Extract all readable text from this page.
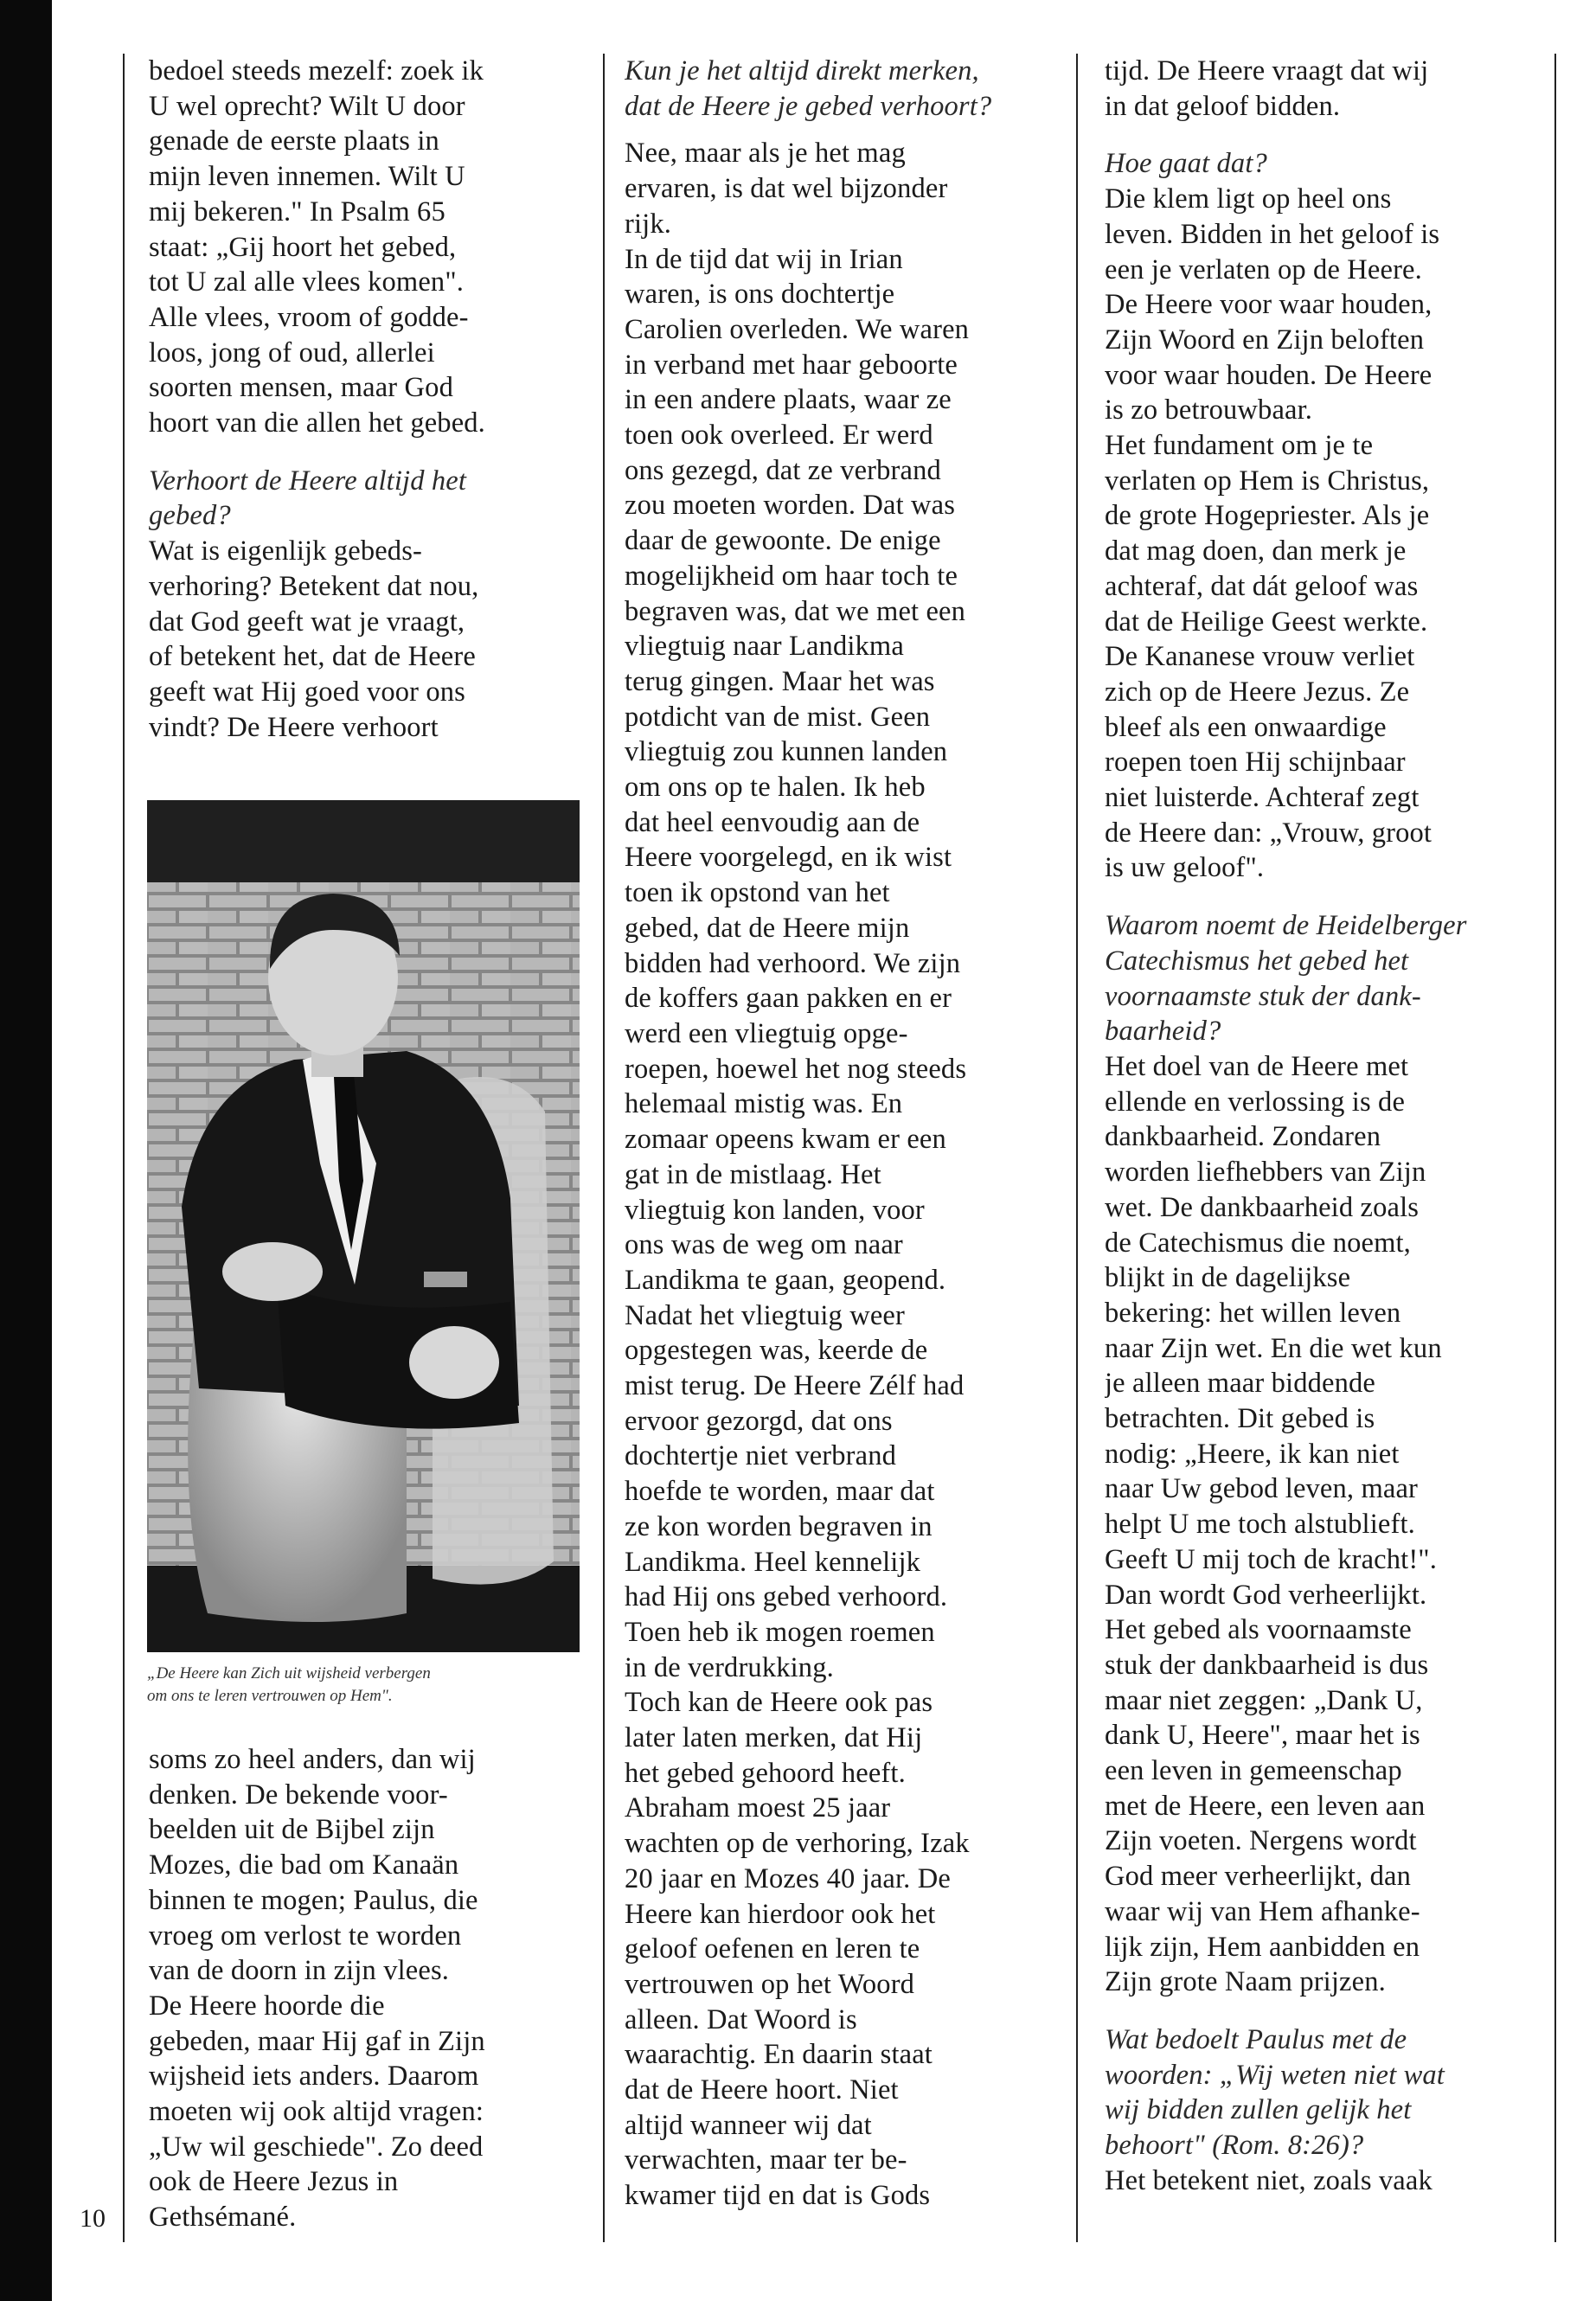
bedoel steeds mezelf: zoek ik
U wel oprecht? Wilt U door
genade de eerste plaats in
mijn leven innemen. Wilt U
mij bekeren." In Psalm 65
staat: „Gij hoort het gebed,
tot U zal alle vlees komen".
Alle vlees, vroom of godde-
loos, jong of oud, allerlei
soorten mensen, maar God
hoort van die allen het gebed.
Verhoort de Heere altijd het
gebed?
Wat is eigenlijk gebeds-
verhoring? Betekent dat nou,
dat God geeft wat je vraagt,
of betekent het, dat de Heere
geeft wat Hij goed voor ons
vindt? De Heere verhoort
„De Heere kan Zich uit wijsheid verbergen
om ons te leren vertrouwen op Hem".
soms zo heel anders, dan wij
denken. De bekende voor-
beelden uit de Bijbel zijn
Mozes, die bad om Kanaän
binnen te mogen; Paulus, die
vroeg om verlost te worden
van de doorn in zijn vlees.
De Heere hoorde die
gebeden, maar Hij gaf in Zijn
wijsheid iets anders. Daarom
moeten wij ook altijd vragen:
„Uw wil geschiede". Zo deed
ook de Heere Jezus in
Gethsémané.
Kun je het altijd direkt merken,
dat de Heere je gebed verhoort?
Nee, maar als je het mag
ervaren, is dat wel bijzonder
rijk.
In de tijd dat wij in Irian
waren, is ons dochtertje
Carolien overleden. We waren
in verband met haar geboorte
in een andere plaats, waar ze
toen ook overleed. Er werd
ons gezegd, dat ze verbrand
zou moeten worden. Dat was
daar de gewoonte. De enige
mogelijkheid om haar toch te
begraven was, dat we met een
vliegtuig naar Landikma
terug gingen. Maar het was
potdicht van de mist. Geen
vliegtuig zou kunnen landen
om ons op te halen. Ik heb
dat heel eenvoudig aan de
Heere voorgelegd, en ik wist
toen ik opstond van het
gebed, dat de Heere mijn
bidden had verhoord. We zijn
de koffers gaan pakken en er
werd een vliegtuig opge-
roepen, hoewel het nog steeds
helemaal mistig was. En
zomaar opeens kwam er een
gat in de mistlaag. Het
vliegtuig kon landen, voor
ons was de weg om naar
Landikma te gaan, geopend.
Nadat het vliegtuig weer
opgestegen was, keerde de
mist terug. De Heere Zélf had
ervoor gezorgd, dat ons
dochtertje niet verbrand
hoefde te worden, maar dat
ze kon worden begraven in
Landikma. Heel kennelijk
had Hij ons gebed verhoord.
Toen heb ik mogen roemen
in de verdrukking.
Toch kan de Heere ook pas
later laten merken, dat Hij
het gebed gehoord heeft.
Abraham moest 25 jaar
wachten op de verhoring, Izak
20 jaar en Mozes 40 jaar. De
Heere kan hierdoor ook het
geloof oefenen en leren te
vertrouwen op het Woord
alleen. Dat Woord is
waarachtig. En daarin staat
dat de Heere hoort. Niet
altijd wanneer wij dat
verwachten, maar ter be-
kwamer tijd en dat is Gods
tijd. De Heere vraagt dat wij
in dat geloof bidden.
Hoe gaat dat?
Die klem ligt op heel ons
leven. Bidden in het geloof is
een je verlaten op de Heere.
De Heere voor waar houden,
Zijn Woord en Zijn beloften
voor waar houden. De Heere
is zo betrouwbaar.
Het fundament om je te
verlaten op Hem is Christus,
de grote Hogepriester. Als je
dat mag doen, dan merk je
achteraf, dat dát geloof was
dat de Heilige Geest werkte.
De Kananese vrouw verliet
zich op de Heere Jezus. Ze
bleef als een onwaardige
roepen toen Hij schijnbaar
niet luisterde. Achteraf zegt
de Heere dan: „Vrouw, groot
is uw geloof".
Waarom noemt de Heidelberger
Catechismus het gebed het
voornaamste stuk der dank-
baarheid?
Het doel van de Heere met
ellende en verlossing is de
dankbaarheid. Zondaren
worden liefhebbers van Zijn
wet. De dankbaarheid zoals
de Catechismus die noemt,
blijkt in de dagelijkse
bekering: het willen leven
naar Zijn wet. En die wet kun
je alleen maar biddende
betrachten. Dit gebed is
nodig: „Heere, ik kan niet
naar Uw gebod leven, maar
helpt U me toch alstublieft.
Geeft U mij toch de kracht!".
Dan wordt God verheerlijkt.
Het gebed als voornaamste
stuk der dankbaarheid is dus
maar niet zeggen: „Dank U,
dank U, Heere", maar het is
een leven in gemeenschap
met de Heere, een leven aan
Zijn voeten. Nergens wordt
God meer verheerlijkt, dan
waar wij van Hem afhanke-
lijk zijn, Hem aanbidden en
Zijn grote Naam prijzen.
Wat bedoelt Paulus met de
woorden: „Wij weten niet wat
wij bidden zullen gelijk het
behoort" (Rom. 8:26)?
Het betekent niet, zoals vaak
10
